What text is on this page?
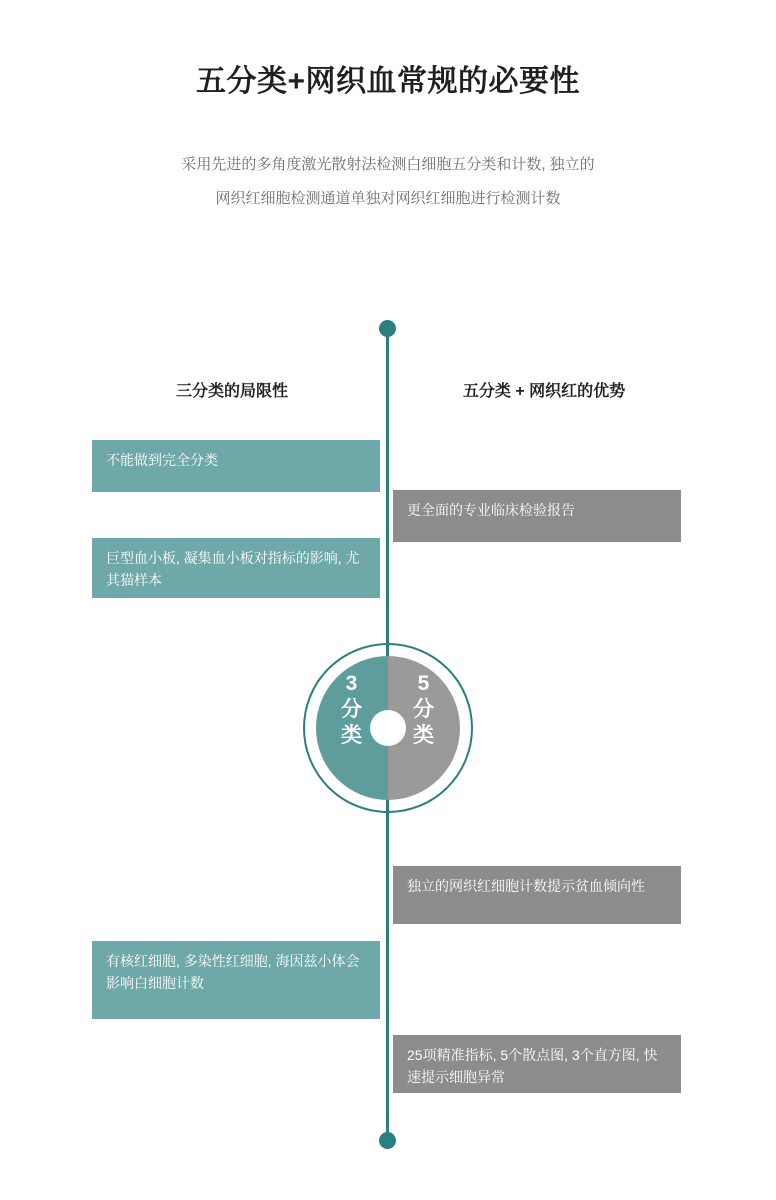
五分类+网织血常规的必要性
采用先进的多角度激光散射法检测白细胞五分类和计数, 独立的
网织红细胞检测通道单独对网织红细胞进行检测计数
三分类的局限性	五分类 + 网织红的优势
不能做到完全分类
巨型血小板, 凝集血小板对指标的影响, 尤其猫样本
有核红细胞, 多染性红细胞, 海因兹小体会影响白细胞计数
更全面的专业临床检验报告
独立的网织红细胞计数提示贫血倾向性
25项精准指标, 5个散点图, 3个直方图, 快速提示细胞异常
3
分
类
5
分
类
